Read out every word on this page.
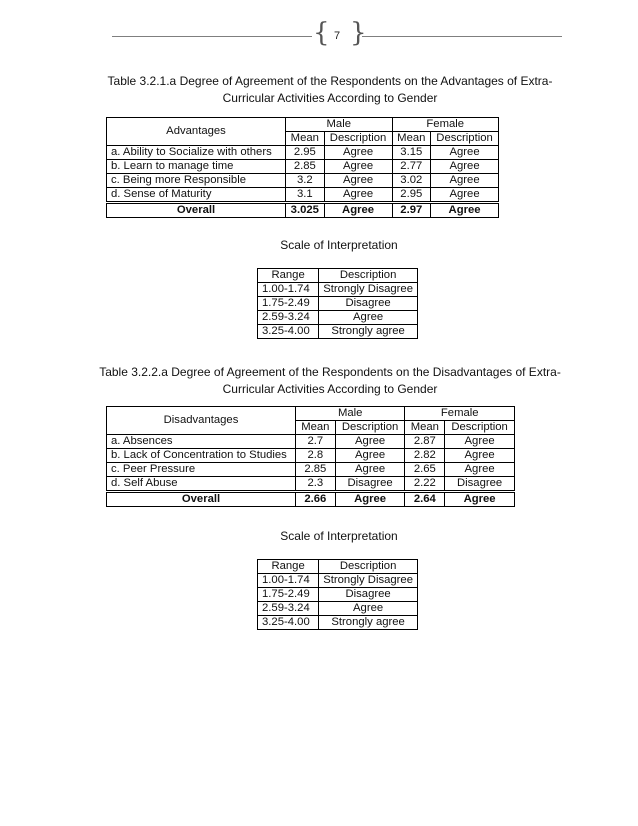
{ }
7
Table 3.2.1.a Degree of Agreement of the Respondents on the Advantages of Extra-
Curricular Activities According to Gender
Advantages	Male		Female	
	Mean	Description	Mean	Description
a. Ability to Socialize with others	2.95	Agree	3.15	Agree
b. Learn to manage time	2.85	Agree	2.77	Agree
c. Being more Responsible	3.2	Agree	3.02	Agree
d. Sense of Maturity	3.1	Agree	2.95	Agree
Overall	3.025	Agree	2.97	Agree
Scale of Interpretation
Range	Description
1.00-1.74	Strongly Disagree
1.75-2.49	Disagree
2.59-3.24	Agree
3.25-4.00	Strongly agree
Table 3.2.2.a Degree of Agreement of the Respondents on the Disadvantages of Extra-
Curricular Activities According to Gender
Disadvantages	Male		Female	
	Mean	Description	Mean	Description
a. Absences	2.7	Agree	2.87	Agree
b. Lack of Concentration to Studies	2.8	Agree	2.82	Agree
c. Peer Pressure	2.85	Agree	2.65	Agree
d. Self Abuse	2.3	Disagree	2.22	Disagree
Overall	2.66	Agree	2.64	Agree
Scale of Interpretation
Range	Description
1.00-1.74	Strongly Disagree
1.75-2.49	Disagree
2.59-3.24	Agree
3.25-4.00	Strongly agree
